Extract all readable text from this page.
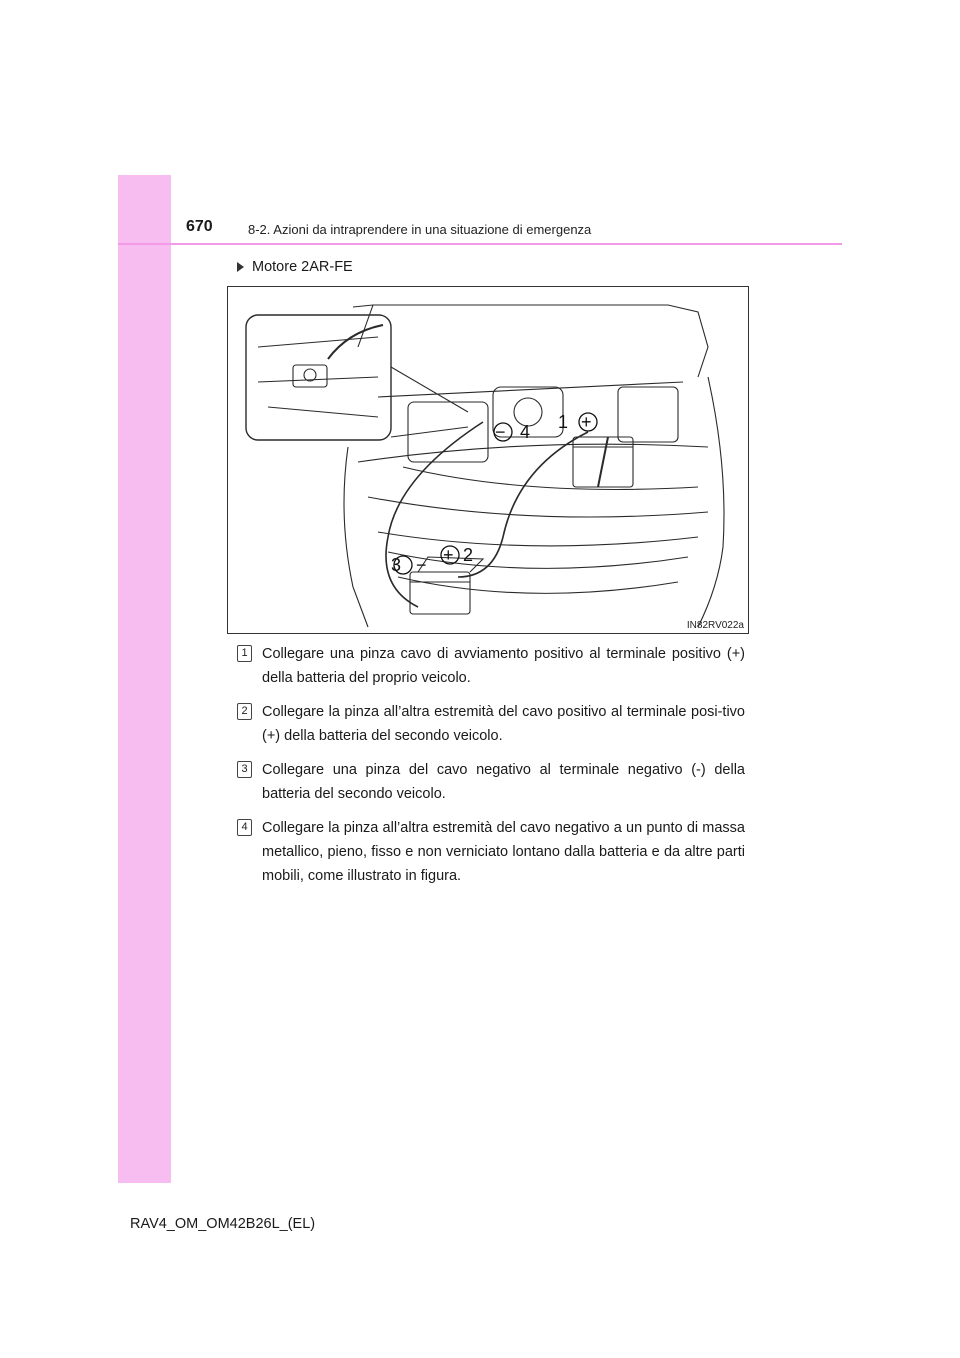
670	8-2. Azioni da intraprendere in una situazione di emergenza
Motore 2AR-FE
− 4 1 +
3 − + 2
IN82RV022a
1 Collegare una pinza cavo di avviamento positivo al terminale positivo (+) della batteria del proprio veicolo.
2 Collegare la pinza all’altra estremità del cavo positivo al terminale posi-tivo (+) della batteria del secondo veicolo.
3 Collegare una pinza del cavo negativo al terminale negativo (-) della batteria del secondo veicolo.
4 Collegare la pinza all’altra estremità del cavo negativo a un punto di massa metallico, pieno, fisso e non verniciato lontano dalla batteria e da altre parti mobili, come illustrato in figura.
RAV4_OM_OM42B26L_(EL)
